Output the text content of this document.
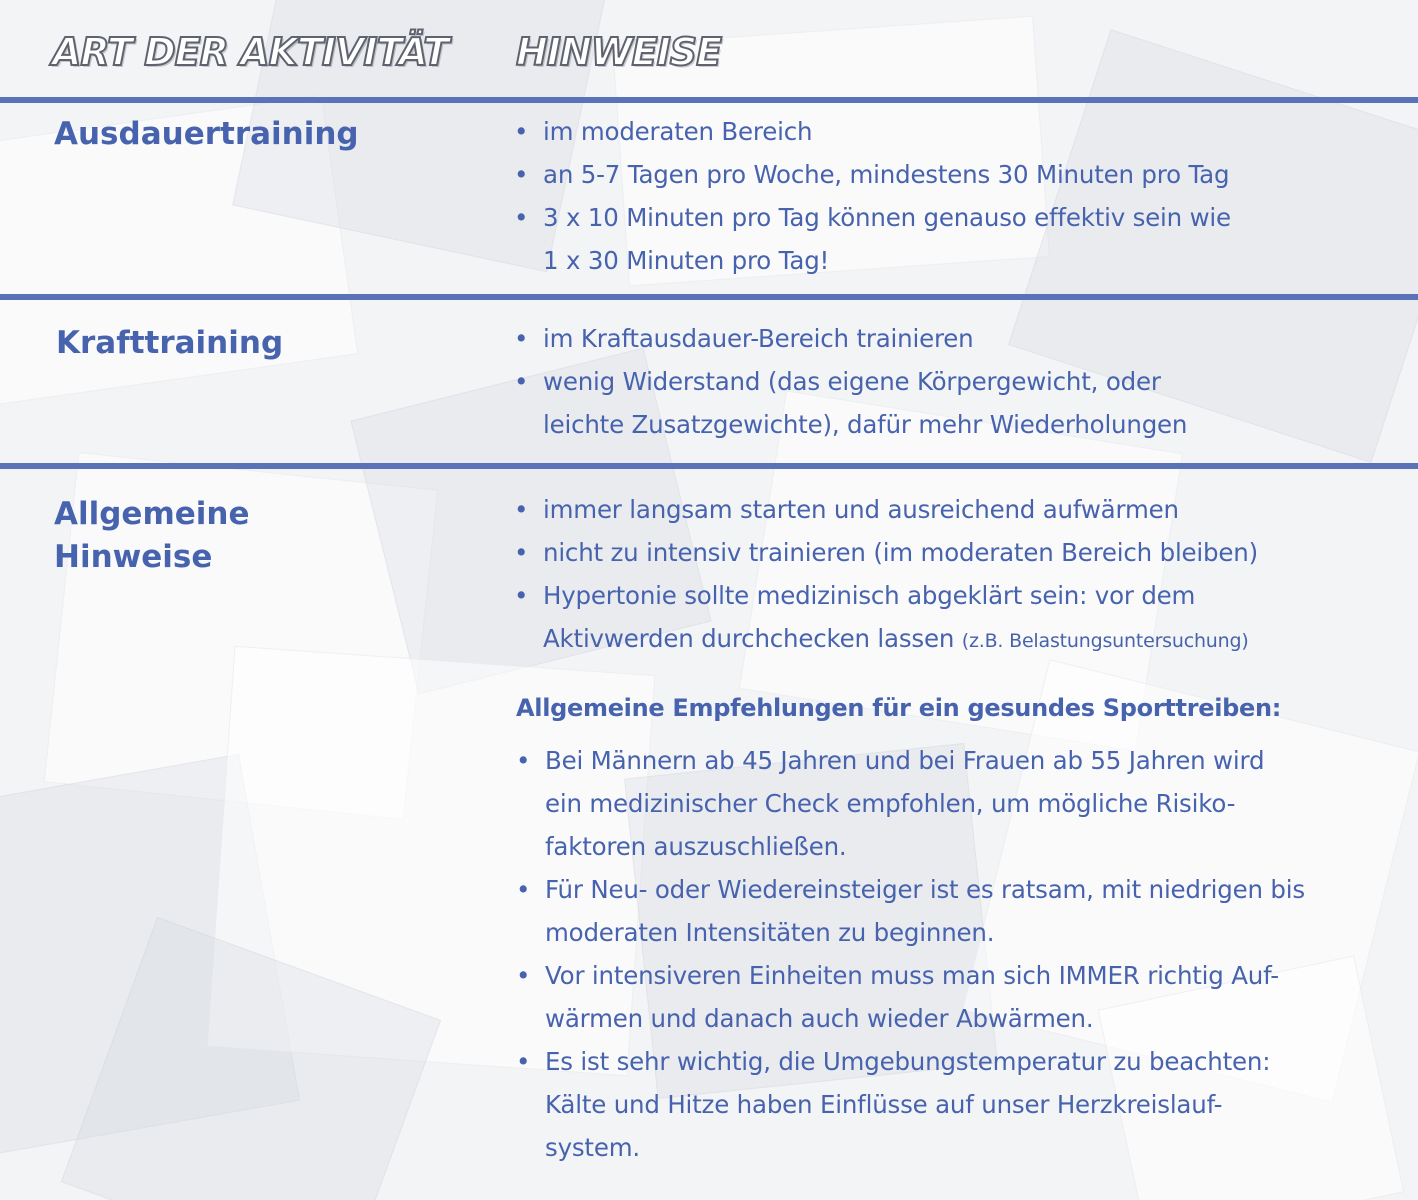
ART DER AKTIVITÄT HINWEISE
Ausdauertraining	• im moderaten Bereich
• an 5-7 Tagen pro Woche, mindestens 30 Minuten pro Tag
• 3 x 10 Minuten pro Tag können genauso effektiv sein wie
1 x 30 Minuten pro Tag!
Krafttraining	• im Kraftausdauer-Bereich trainieren
• wenig Widerstand (das eigene Körpergewicht, oder
leichte Zusatzgewichte), dafür mehr Wiederholungen
Allgemeine
Hinweise
• immer langsam starten und ausreichend aufwärmen
• nicht zu intensiv trainieren (im moderaten Bereich bleiben)
• Hypertonie sollte medizinisch abgeklärt sein: vor dem
Aktivwerden durchchecken lassen (z.B. Belastungsuntersuchung)
Allgemeine Empfehlungen für ein gesundes Sporttreiben:
• Bei Männern ab 45 Jahren und bei Frauen ab 55 Jahren wird
ein medizinischer Check empfohlen, um mögliche Risiko-
faktoren auszuschließen.
• Für Neu- oder Wiedereinsteiger ist es ratsam, mit niedrigen bis
moderaten Intensitäten zu beginnen.
• Vor intensiveren Einheiten muss man sich IMMER richtig Auf-
wärmen und danach auch wieder Abwärmen.
• Es ist sehr wichtig, die Umgebungstemperatur zu beachten:
Kälte und Hitze haben Einflüsse auf unser Herzkreislauf-
system.
